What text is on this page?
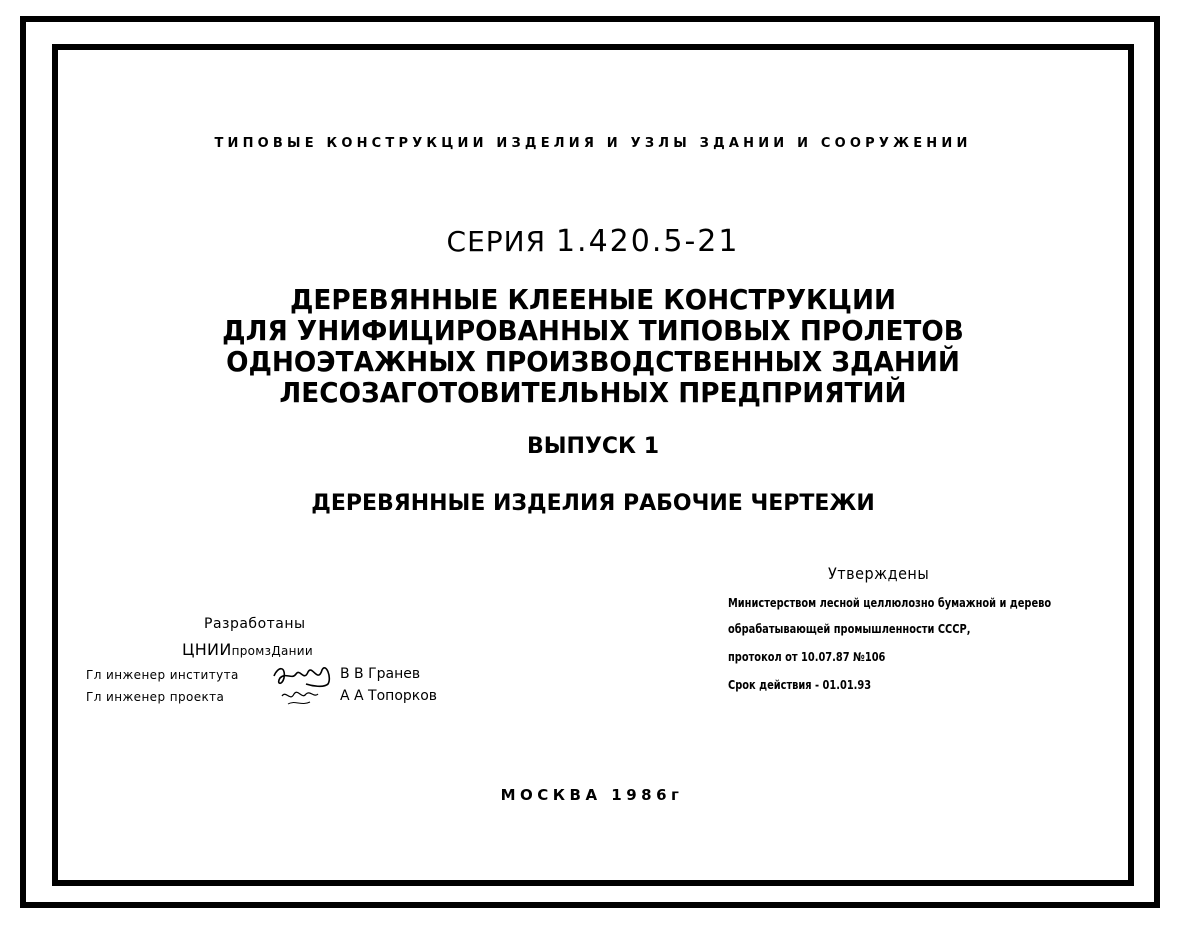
ТИПОВЫЕ КОНСТРУКЦИИ ИЗДЕЛИЯ И УЗЛЫ ЗДАНИИ И СООРУЖЕНИИ
СЕРИЯ 1.420.5-21
ДЕРЕВЯННЫЕ КЛЕЕНЫЕ КОНСТРУКЦИИ
ДЛЯ УНИФИЦИРОВАННЫХ ТИПОВЫХ ПРОЛЕТОВ
ОДНОЭТАЖНЫХ ПРОИЗВОДСТВЕННЫХ ЗДАНИЙ
ЛЕСОЗАГОТОВИТЕЛЬНЫХ ПРЕДПРИЯТИЙ
ВЫПУСК 1
ДЕРЕВЯННЫЕ ИЗДЕЛИЯ РАБОЧИЕ ЧЕРТЕЖИ
Утверждены
Министерством лесной целлюлозно бумажной и дерево
обрабатывающей промышленности СССР,
протокол от 10.07.87 №106
Срок действия - 01.01.93
Разработаны
ЦНИИпромзДании
Гл инженер института
Гл инженер проекта
В В Гранев
А А Топорков
МОСКВА 1986г
